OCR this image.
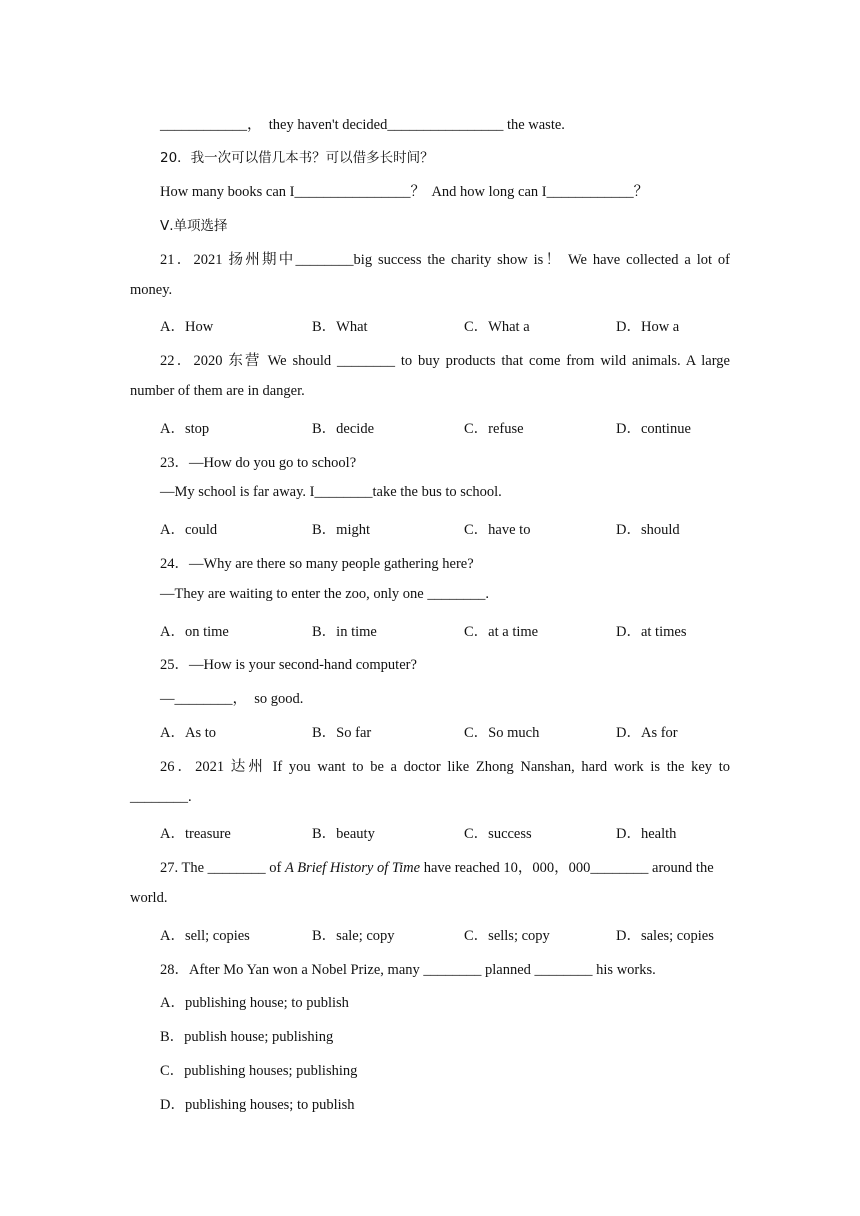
____________，  they haven't decided________________ the waste.
20．我一次可以借几本书？可以借多长时间？
How many books can I________________？  And how long can I____________？
Ⅴ.单项选择
21．2021 扬州期中________big success the charity show is！ We have collected a lot of
money.
A．How	B．What	C．What a	D．How a
22．2020 东营 We should ________ to buy products that come from wild animals. A large
number of them are in danger.
A．stop	B．decide	C．refuse	D．continue
23．—How do you go to school?
—My school is far away. I________take the bus to school.
A．could	B．might	C．have to	D．should
24．—Why are there so many people gathering here?
—They are waiting to enter the zoo, only one ________.
A．on time	B．in time	C．at a time	D．at times
25．—How is your second-hand computer?
—________，  so good.
A．As to	B．So far	C．So much	D．As for
26．2021 达州 If you want to be a doctor like Zhong Nanshan, hard work is the key to
________.
A．treasure	B．beauty	C．success	D．health
27. The ________ of A Brief History of Time have reached 10，000，000________ around the
world.
A．sell; copies	B．sale; copy	C．sells; copy	D．sales; copies
28．After Mo Yan won a Nobel Prize, many ________ planned ________ his works.
A．publishing house; to publish
B．publish house; publishing
C．publishing houses; publishing
D．publishing houses; to publish
